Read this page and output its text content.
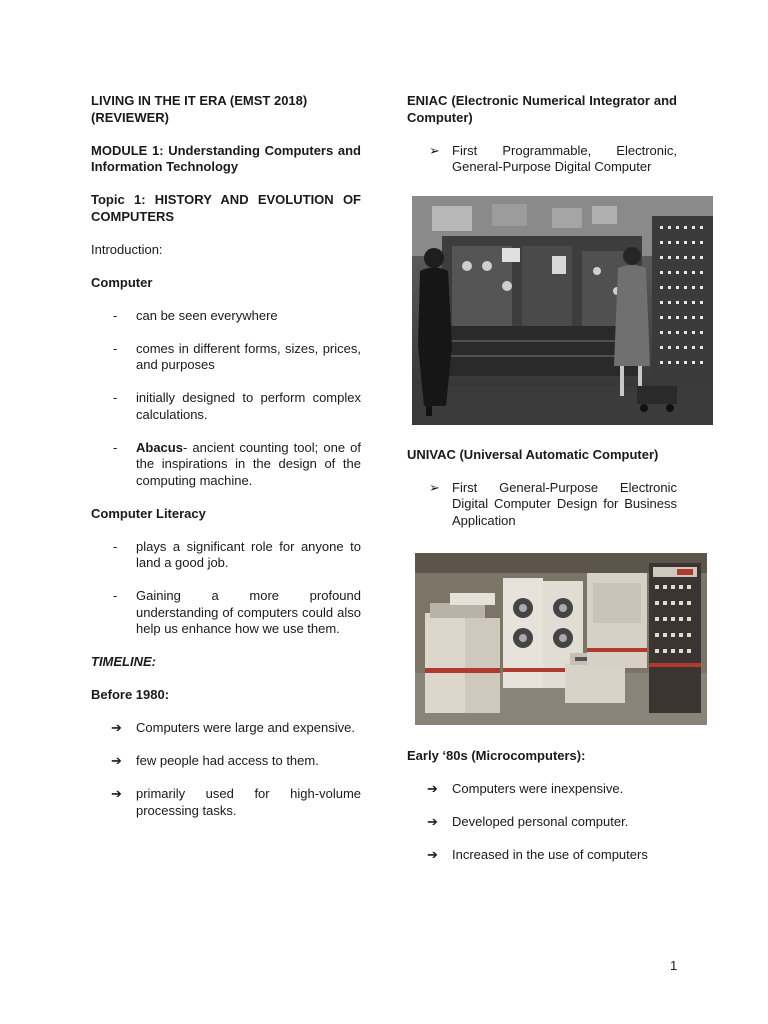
LIVING IN THE IT ERA (EMST 2018) (REVIEWER)

MODULE 1: Understanding Computers and Information Technology

Topic 1: HISTORY AND EVOLUTION OF COMPUTERS

Introduction:

Computer

- can be seen everywhere
- comes in different forms, sizes, prices, and purposes
- initially designed to perform complex calculations.
- Abacus- ancient counting tool; one of the inspirations in the design of the computing machine.

Computer Literacy

- plays a significant role for anyone to land a good job.
- Gaining a more profound understanding of computers could also help us enhance how we use them.

TIMELINE:

Before 1980:

➔ Computers were large and expensive.
➔ few people had access to them.
➔ primarily used for high-volume processing tasks.

ENIAC (Electronic Numerical Integrator and Computer)

➢ First Programmable, Electronic, General-Purpose Digital Computer

UNIVAC (Universal Automatic Computer)

➢ First General-Purpose Electronic Digital Computer Design for Business Application

Early ‘80s (Microcomputers):

➔ Computers were inexpensive.
➔ Developed personal computer.
➔ Increased in the use of computers
1
